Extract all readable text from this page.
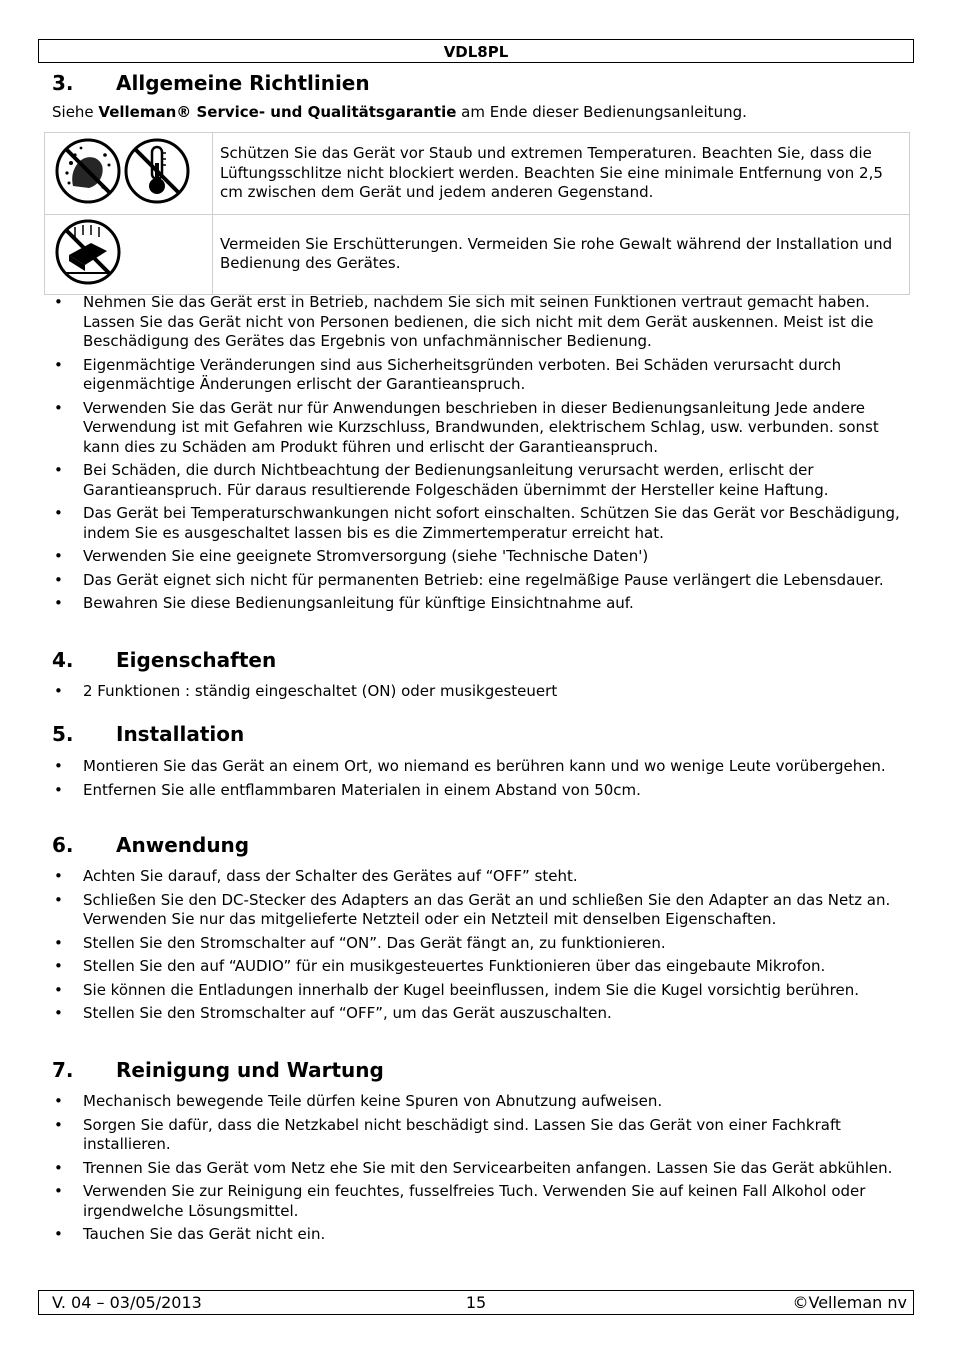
VDL8PL
3. Allgemeine Richtlinien
Siehe Velleman® Service- und Qualitätsgarantie am Ende dieser Bedienungsanleitung.
	Schützen Sie das Gerät vor Staub und extremen Temperaturen. Beachten Sie, dass die Lüftungsschlitze nicht blockiert werden. Beachten Sie eine minimale Entfernung von 2,5 cm zwischen dem Gerät und jedem anderen Gegenstand.
	Vermeiden Sie Erschütterungen. Vermeiden Sie rohe Gewalt während der Installation und Bedienung des Gerätes.
• Nehmen Sie das Gerät erst in Betrieb, nachdem Sie sich mit seinen Funktionen vertraut gemacht haben. Lassen Sie das Gerät nicht von Personen bedienen, die sich nicht mit dem Gerät auskennen. Meist ist die Beschädigung des Gerätes das Ergebnis von unfachmännischer Bedienung.
• Eigenmächtige Veränderungen sind aus Sicherheitsgründen verboten. Bei Schäden verursacht durch eigenmächtige Änderungen erlischt der Garantieanspruch.
• Verwenden Sie das Gerät nur für Anwendungen beschrieben in dieser Bedienungsanleitung Jede andere Verwendung ist mit Gefahren wie Kurzschluss, Brandwunden, elektrischem Schlag, usw. verbunden. sonst kann dies zu Schäden am Produkt führen und erlischt der Garantieanspruch.
• Bei Schäden, die durch Nichtbeachtung der Bedienungsanleitung verursacht werden, erlischt der Garantieanspruch. Für daraus resultierende Folgeschäden übernimmt der Hersteller keine Haftung.
• Das Gerät bei Temperaturschwankungen nicht sofort einschalten. Schützen Sie das Gerät vor Beschädigung, indem Sie es ausgeschaltet lassen bis es die Zimmertemperatur erreicht hat.
• Verwenden Sie eine geeignete Stromversorgung (siehe 'Technische Daten')
• Das Gerät eignet sich nicht für permanenten Betrieb: eine regelmäßige Pause verlängert die Lebensdauer.
• Bewahren Sie diese Bedienungsanleitung für künftige Einsichtnahme auf.
4. Eigenschaften
• 2 Funktionen : ständig eingeschaltet (ON) oder musikgesteuert
5. Installation
• Montieren Sie das Gerät an einem Ort, wo niemand es berühren kann und wo wenige Leute vorübergehen.
• Entfernen Sie alle entflammbaren Materialen in einem Abstand von 50cm.
6. Anwendung
• Achten Sie darauf, dass der Schalter des Gerätes auf “OFF” steht.
• Schließen Sie den DC-Stecker des Adapters an das Gerät an und schließen Sie den Adapter an das Netz an. Verwenden Sie nur das mitgelieferte Netzteil oder ein Netzteil mit denselben Eigenschaften.
• Stellen Sie den Stromschalter auf “ON”. Das Gerät fängt an, zu funktionieren.
• Stellen Sie den auf “AUDIO” für ein musikgesteuertes Funktionieren über das eingebaute Mikrofon.
• Sie können die Entladungen innerhalb der Kugel beeinflussen, indem Sie die Kugel vorsichtig berühren.
• Stellen Sie den Stromschalter auf “OFF”, um das Gerät auszuschalten.
7. Reinigung und Wartung
• Mechanisch bewegende Teile dürfen keine Spuren von Abnutzung aufweisen.
• Sorgen Sie dafür, dass die Netzkabel nicht beschädigt sind. Lassen Sie das Gerät von einer Fachkraft installieren.
• Trennen Sie das Gerät vom Netz ehe Sie mit den Servicearbeiten anfangen. Lassen Sie das Gerät abkühlen.
• Verwenden Sie zur Reinigung ein feuchtes, fusselfreies Tuch. Verwenden Sie auf keinen Fall Alkohol oder irgendwelche Lösungsmittel.
• Tauchen Sie das Gerät nicht ein.
V. 04 – 03/05/2013	15	©Velleman nv
